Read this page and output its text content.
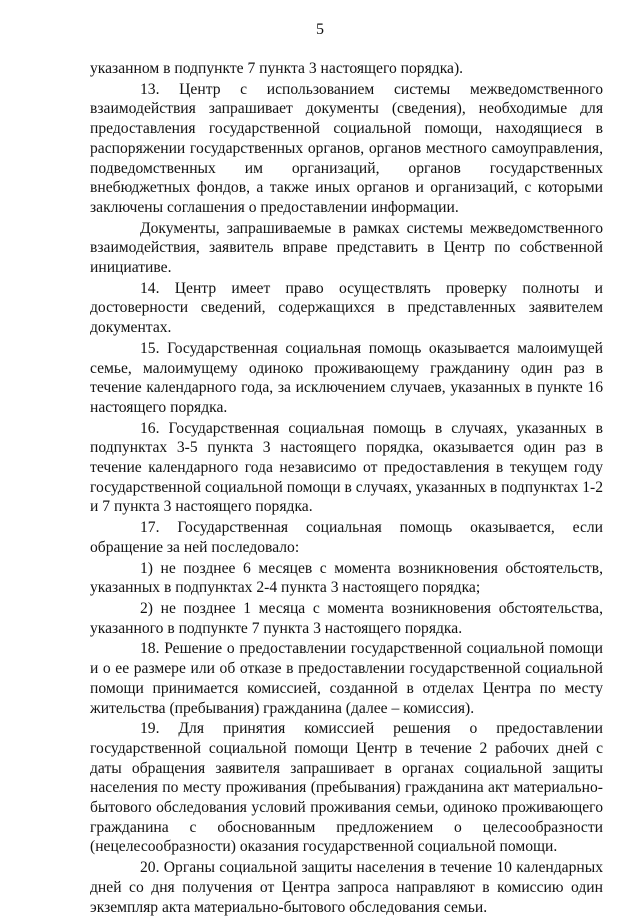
5

указанном в подпункте 7 пункта 3 настоящего порядка).

13. Центр с использованием системы межведомственного взаимодействия запрашивает документы (сведения), необходимые для предоставления государственной социальной помощи, находящиеся в распоряжении государственных органов, органов местного самоуправления, подведомственных им организаций, органов государственных внебюджетных фондов, а также иных органов и организаций, с которыми заключены соглашения о предоставлении информации.

Документы, запрашиваемые в рамках системы межведомственного взаимодействия, заявитель вправе представить в Центр по собственной инициативе.

14. Центр имеет право осуществлять проверку полноты и достоверности сведений, содержащихся в представленных заявителем документах.

15. Государственная социальная помощь оказывается малоимущей семье, малоимущему одиноко проживающему гражданину один раз в течение календарного года, за исключением случаев, указанных в пункте 16 настоящего порядка.

16. Государственная социальная помощь в случаях, указанных в подпунктах 3-5 пункта 3 настоящего порядка, оказывается один раз в течение календарного года независимо от предоставления в текущем году государственной социальной помощи в случаях, указанных в подпунктах 1-2 и 7 пункта 3 настоящего порядка.

17. Государственная социальная помощь оказывается, если обращение за ней последовало:

1) не позднее 6 месяцев с момента возникновения обстоятельств, указанных в подпунктах 2-4 пункта 3 настоящего порядка;

2) не позднее 1 месяца с момента возникновения обстоятельства, указанного в подпункте 7 пункта 3 настоящего порядка.

18. Решение о предоставлении государственной социальной помощи и о ее размере или об отказе в предоставлении государственной социальной помощи принимается комиссией, созданной в отделах Центра по месту жительства (пребывания) гражданина (далее – комиссия).

19. Для принятия комиссией решения о предоставлении государственной социальной помощи Центр в течение 2 рабочих дней с даты обращения заявителя запрашивает в органах социальной защиты населения по месту проживания (пребывания) гражданина акт материально-бытового обследования условий проживания семьи, одиноко проживающего гражданина с обоснованным предложением о целесообразности (нецелесообразности) оказания государственной социальной помощи.

20. Органы социальной защиты населения в течение 10 календарных дней со дня получения от Центра запроса направляют в комиссию один экземпляр акта материально-бытового обследования семьи.
